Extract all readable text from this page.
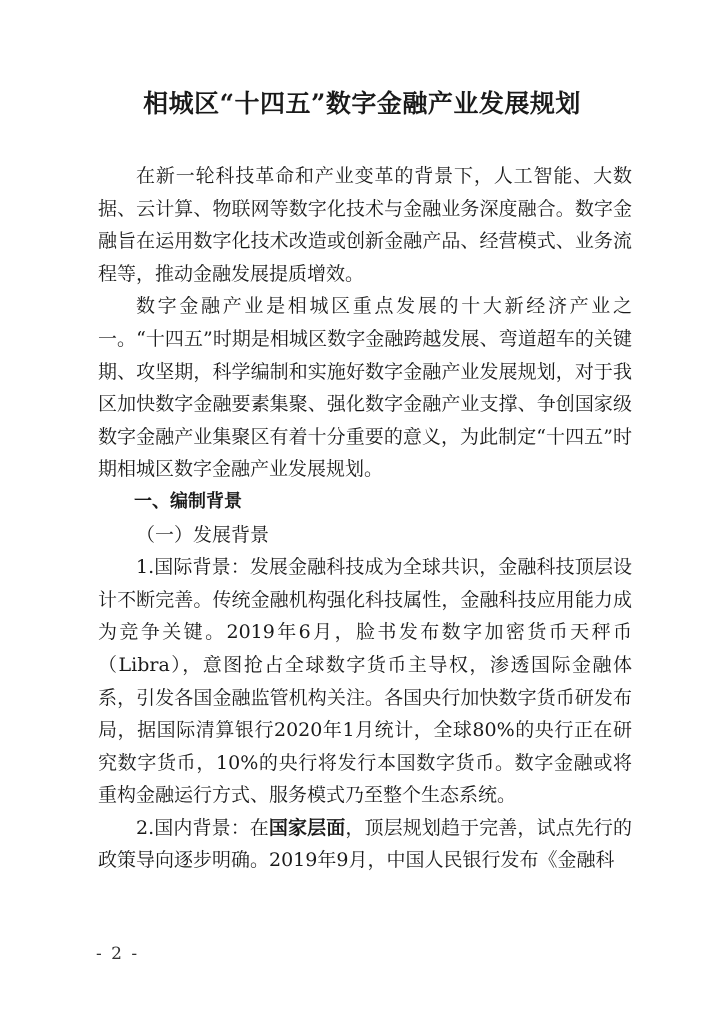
相城区“十四五”数字金融产业发展规划

在新一轮科技革命和产业变革的背景下，人工智能、大数据、云计算、物联网等数字化技术与金融业务深度融合。数字金融旨在运用数字化技术改造或创新金融产品、经营模式、业务流程等，推动金融发展提质增效。

数字金融产业是相城区重点发展的十大新经济产业之一。“十四五”时期是相城区数字金融跨越发展、弯道超车的关键期、攻坚期，科学编制和实施好数字金融产业发展规划，对于我区加快数字金融要素集聚、强化数字金融产业支撑、争创国家级数字金融产业集聚区有着十分重要的意义，为此制定“十四五”时期相城区数字金融产业发展规划。

一、编制背景

（一）发展背景

1.国际背景：发展金融科技成为全球共识，金融科技顶层设计不断完善。传统金融机构强化科技属性，金融科技应用能力成为竞争关键。2019年6月，脸书发布数字加密货币天秤币（Libra），意图抢占全球数字货币主导权，渗透国际金融体系，引发各国金融监管机构关注。各国央行加快数字货币研发布局，据国际清算银行2020年1月统计，全球80%的央行正在研究数字货币，10%的央行将发行本国数字货币。数字金融或将重构金融运行方式、服务模式乃至整个生态系统。

2.国内背景：在国家层面，顶层规划趋于完善，试点先行的政策导向逐步明确。2019年9月，中国人民银行发布《金融科

- 2 -
